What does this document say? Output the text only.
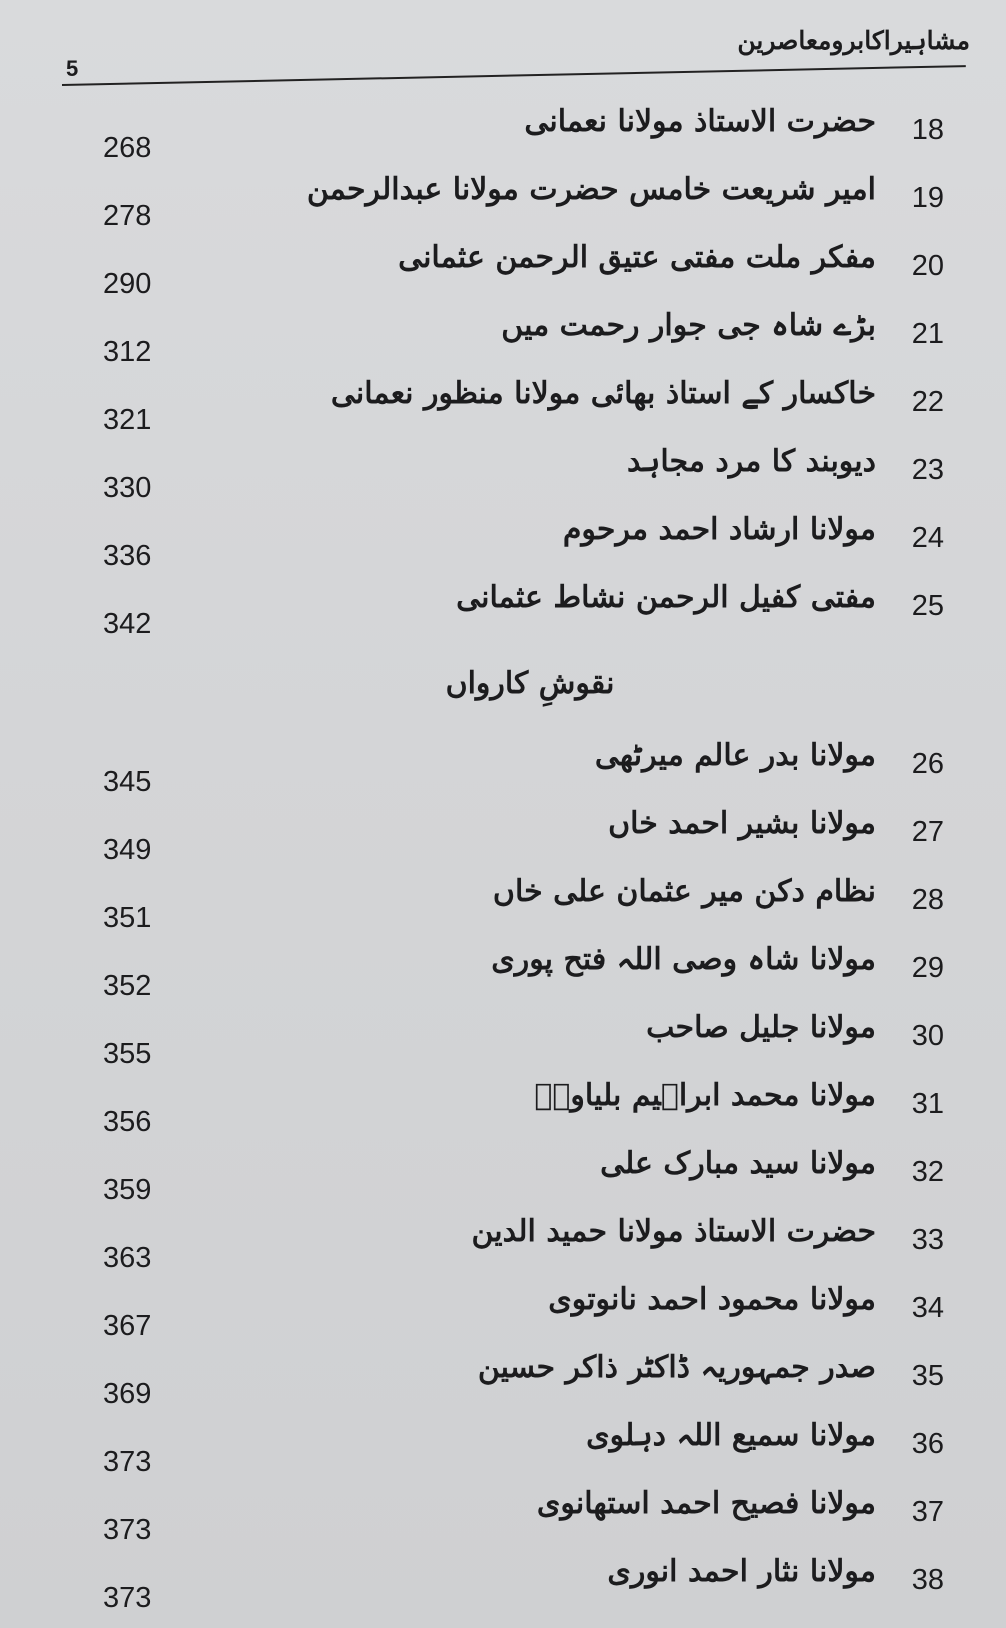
مشاہیراکابرومعاصرین
5
268
حضرت الاستاذ مولانا نعمانی 18
278
امیر شریعت خامس حضرت مولانا عبدالرحمن 19
290
مفکر ملت مفتی عتیق الرحمن عثمانی 20
312
بڑے شاہ جی جوار رحمت میں 21
321
خاکسار کے استاذ بھائی مولانا منظور نعمانی 22
330
دیوبند کا مرد مجاہد 23
336
مولانا ارشاد احمد مرحوم 24
342
مفتی کفیل الرحمن نشاط عثمانی 25
نقوشِ کارواں
345
مولانا بدر عالم میرٹھی 26
349
مولانا بشیر احمد خاں 27
351
نظام دکن میر عثمان علی خاں 28
352
مولانا شاہ وصی اللہ فتح پوری 29
355
مولانا جلیل صاحب 30
356
مولانا محمد ابراہیم بلیاویؒ 31
359
مولانا سید مبارک علی 32
363
حضرت الاستاذ مولانا حمید الدین 33
367
مولانا محمود احمد نانوتوی 34
369
صدر جمہوریہ ڈاکٹر ذاکر حسین 35
373
مولانا سمیع اللہ دہلوی 36
373
مولانا فصیح احمد استھانوی 37
373
مولانا نثار احمد انوری 38
